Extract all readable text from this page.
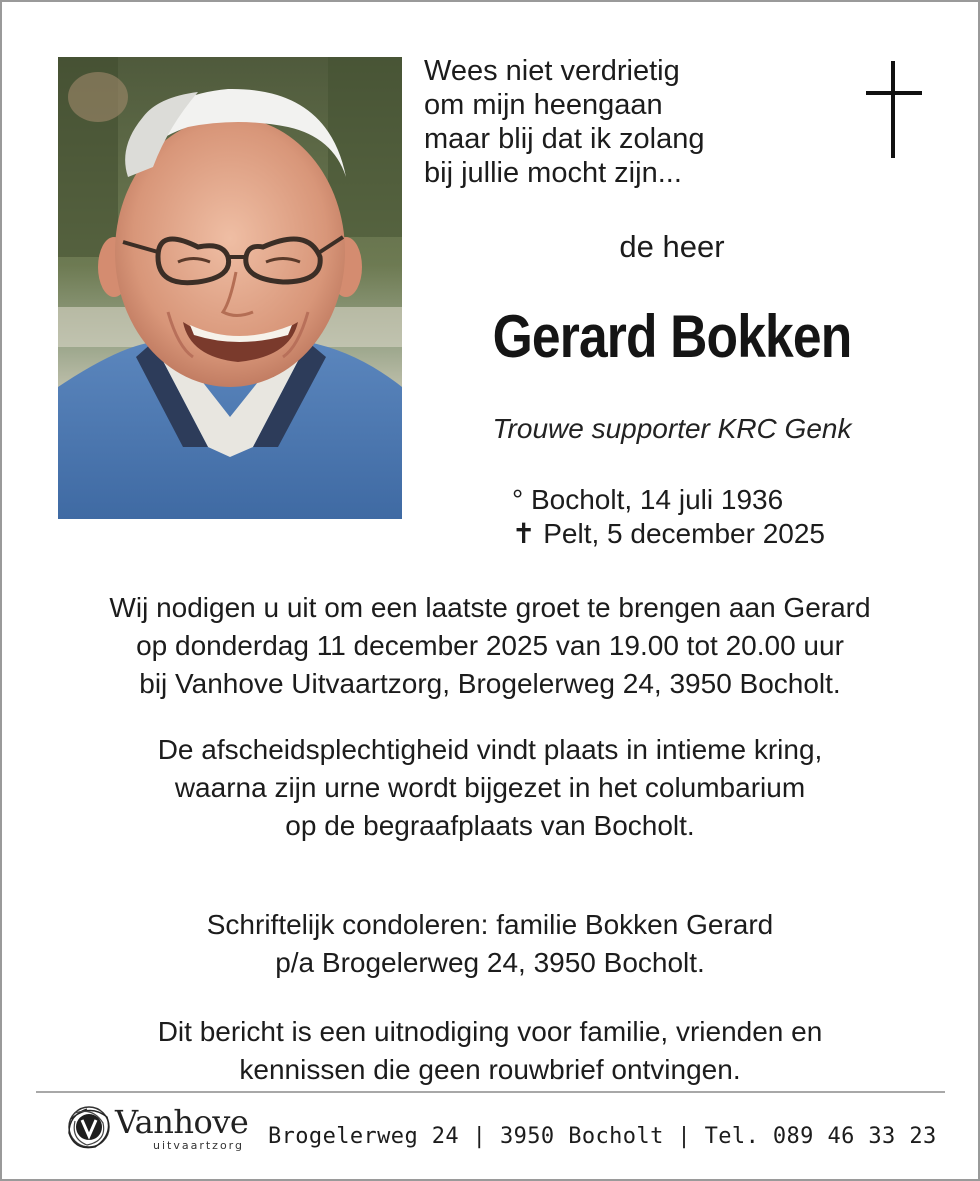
Wees niet verdrietig
om mijn heengaan
maar blij dat ik zolang
bij jullie mocht zijn...
de heer
Gerard Bokken
Trouwe supporter KRC Genk
° Bocholt, 14 juli 1936
✝ Pelt, 5 december 2025
Wij nodigen u uit om een laatste groet te brengen aan Gerard
op donderdag 11 december 2025 van 19.00 tot 20.00 uur
bij Vanhove Uitvaartzorg, Brogelerweg 24, 3950 Bocholt.
De afscheidsplechtigheid vindt plaats in intieme kring,
waarna zijn urne wordt bijgezet in het columbarium
op de begraafplaats van Bocholt.
Schriftelijk condoleren: familie Bokken Gerard
p/a Brogelerweg 24, 3950 Bocholt.
Dit bericht is een uitnodiging voor familie, vrienden en
kennissen die geen rouwbrief ontvingen.
Vanhove
uitvaartzorg Brogelerweg 24 | 3950 Bocholt | Tel. 089 46 33 23
